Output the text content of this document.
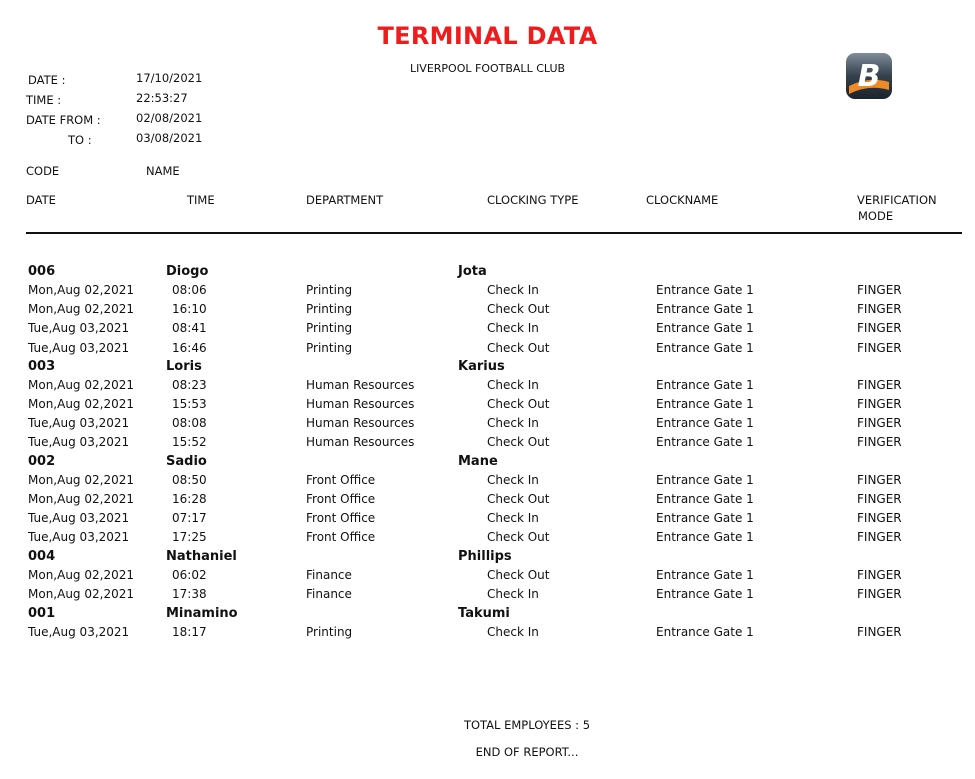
TERMINAL DATA
LIVERPOOL FOOTBALL CLUB	B
DATE :	17/10/2021
TIME :	22:53:27
DATE FROM :	02/08/2021
TO :	03/08/2021
CODE	NAME
DATE	TIME	DEPARTMENT	CLOCKING TYPE	CLOCKNAME	VERIFICATION
MODE
006	Diogo	Jota
Mon,Aug 02,2021	08:06	Printing	Check In	Entrance Gate 1	FINGER
Mon,Aug 02,2021	16:10	Printing	Check Out	Entrance Gate 1	FINGER
Tue,Aug 03,2021	08:41	Printing	Check In	Entrance Gate 1	FINGER
Tue,Aug 03,2021	16:46	Printing	Check Out	Entrance Gate 1	FINGER
003	Loris	Karius
Mon,Aug 02,2021	08:23	Human Resources	Check In	Entrance Gate 1	FINGER
Mon,Aug 02,2021	15:53	Human Resources	Check Out	Entrance Gate 1	FINGER
Tue,Aug 03,2021	08:08	Human Resources	Check In	Entrance Gate 1	FINGER
Tue,Aug 03,2021	15:52	Human Resources	Check Out	Entrance Gate 1	FINGER
002	Sadio	Mane
Mon,Aug 02,2021	08:50	Front Office	Check In	Entrance Gate 1	FINGER
Mon,Aug 02,2021	16:28	Front Office	Check Out	Entrance Gate 1	FINGER
Tue,Aug 03,2021	07:17	Front Office	Check In	Entrance Gate 1	FINGER
Tue,Aug 03,2021	17:25	Front Office	Check Out	Entrance Gate 1	FINGER
004	Nathaniel	Phillips
Mon,Aug 02,2021	06:02	Finance	Check Out	Entrance Gate 1	FINGER
Mon,Aug 02,2021	17:38	Finance	Check In	Entrance Gate 1	FINGER
001	Minamino	Takumi
Tue,Aug 03,2021	18:17	Printing	Check In	Entrance Gate 1	FINGER
TOTAL EMPLOYEES : 5
END OF REPORT...
